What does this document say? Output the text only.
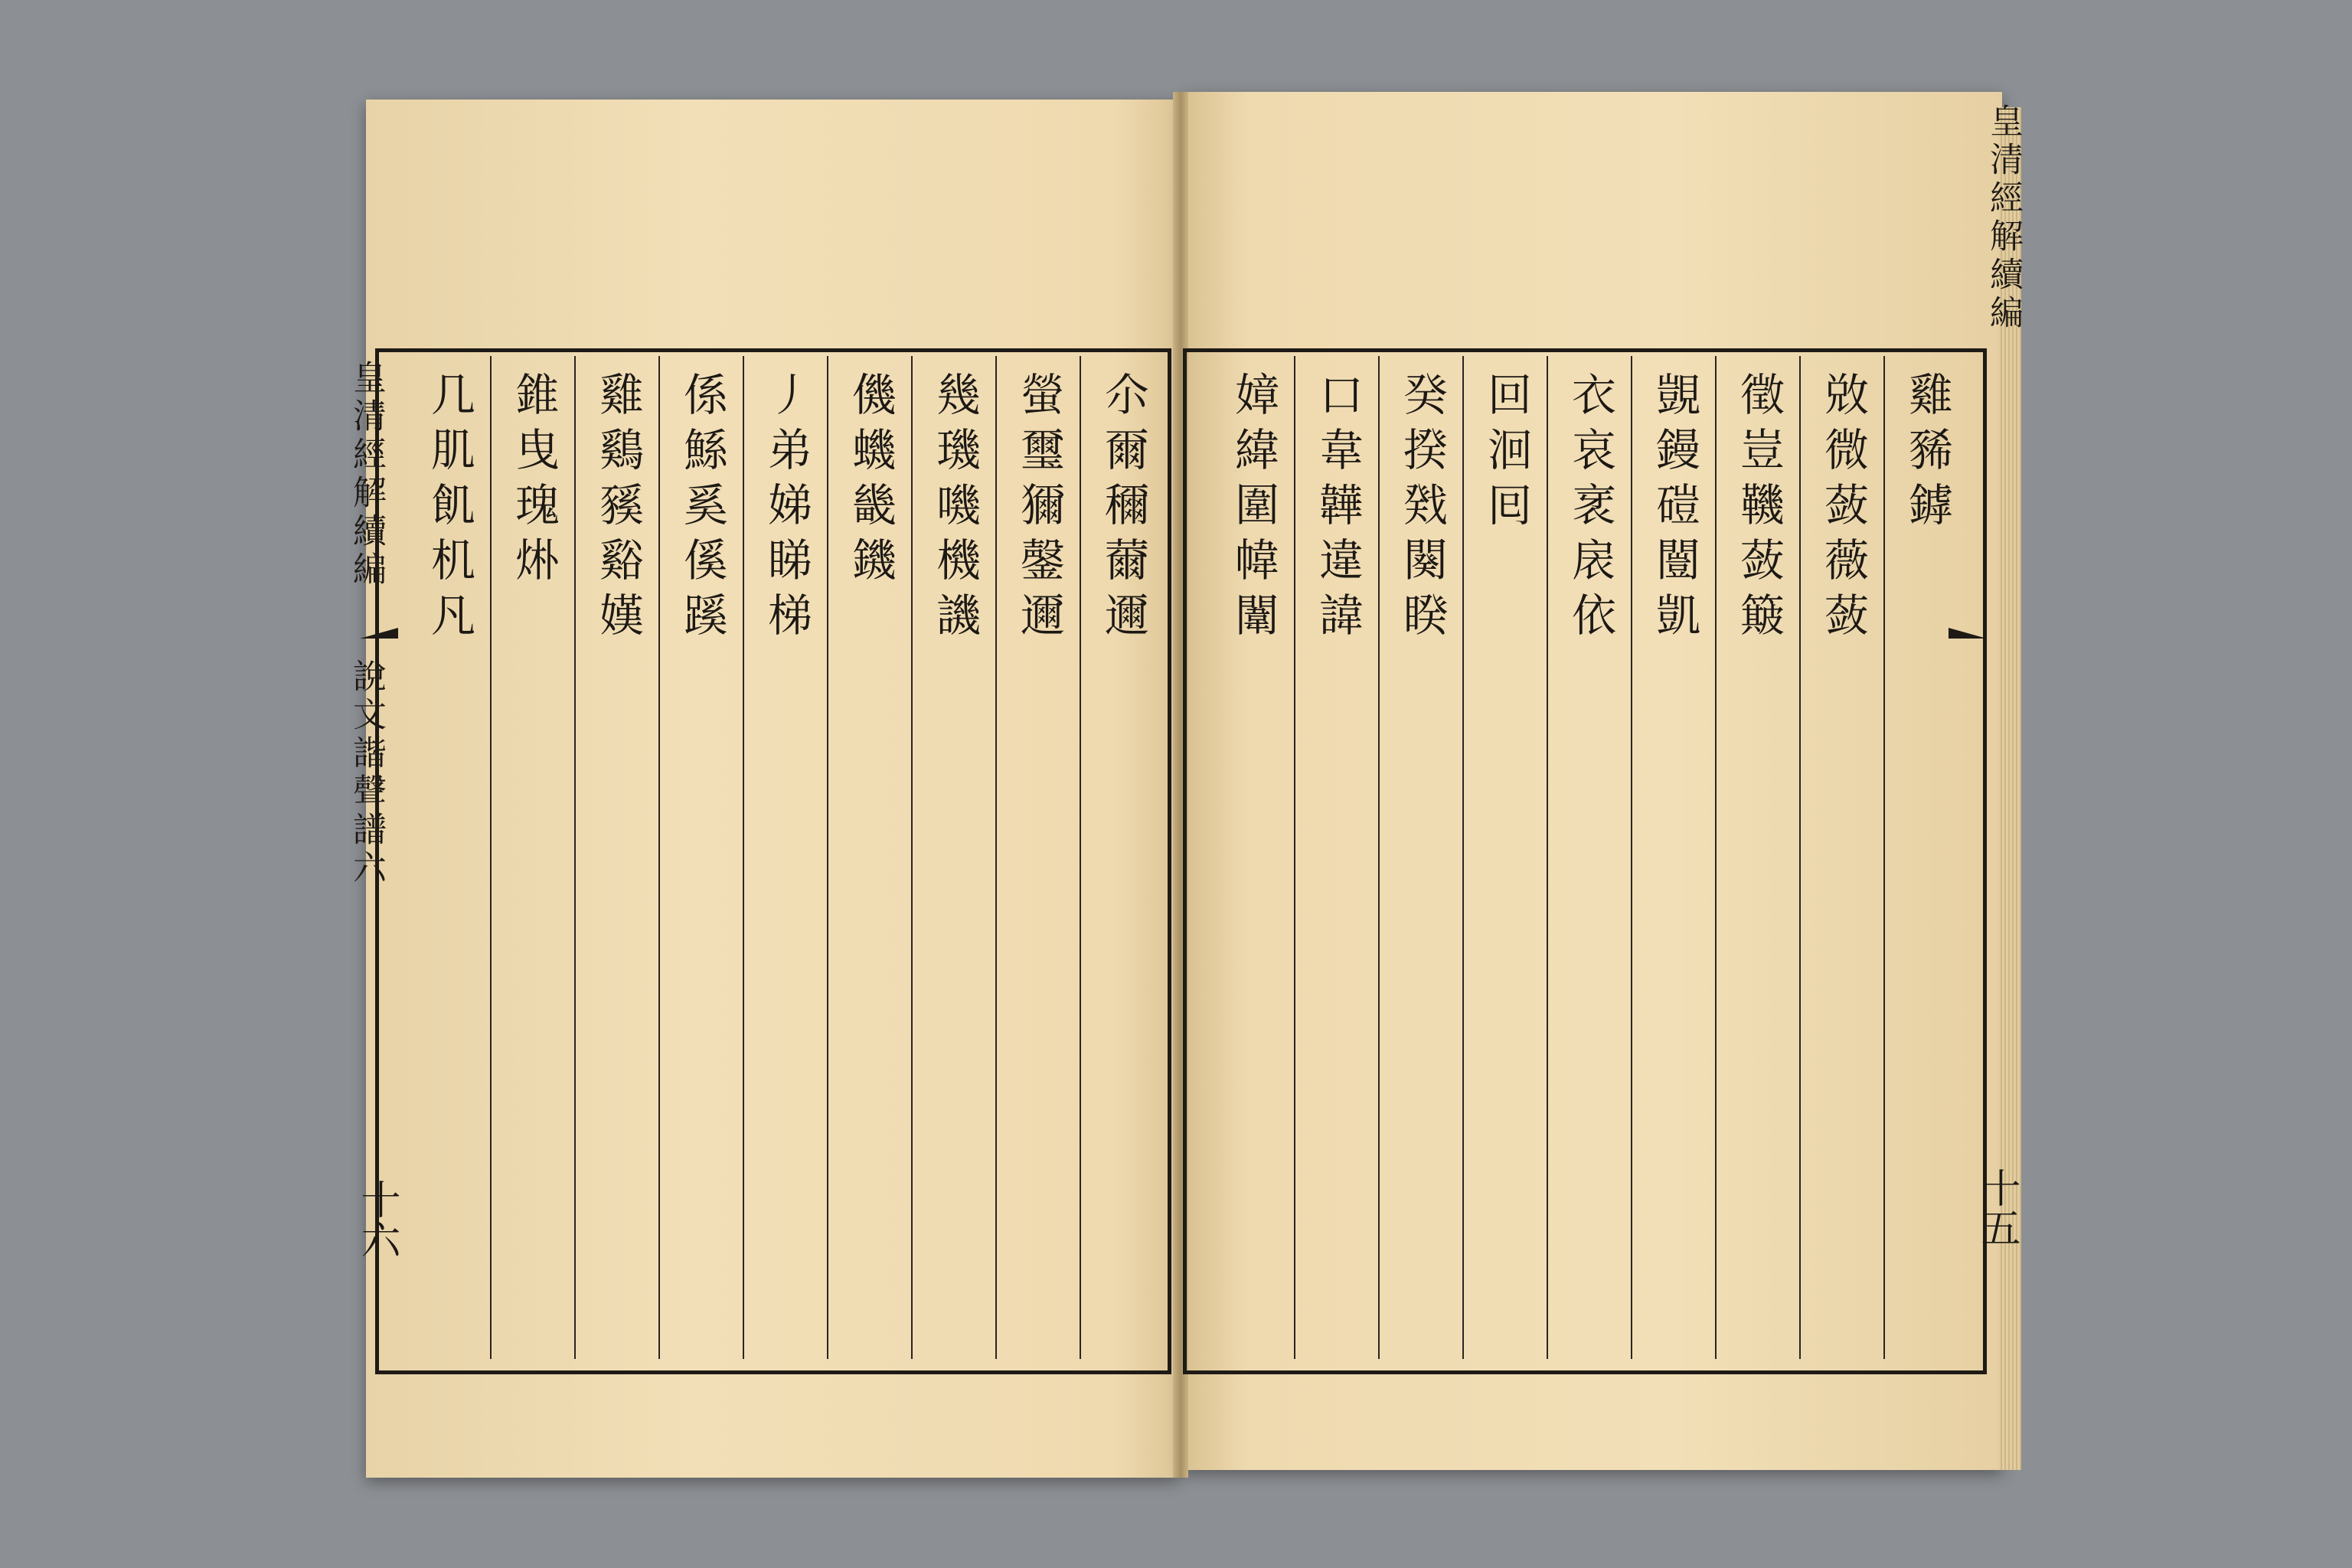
皇清經解續編
十五
皇清經解續編
說文諧聲譜六
十六
雞豨鏬
敚微蔹薇蔹
徵豈鞿蔹簸
覬鏝磑闓凱
衣哀衺扆依
回洄囘
癸揆戣闋睽
口韋韡違諱
嫜緯圍幃闈
尒爾穪薾邇
螢璽獮鏧邇
幾璣嘰機譏
僟蟣畿鐖
丿弟娣睇梯
係鯀奚傒蹊
雞鷄豯谿嫨
錐曳瑰烞
几肌飢机凡
